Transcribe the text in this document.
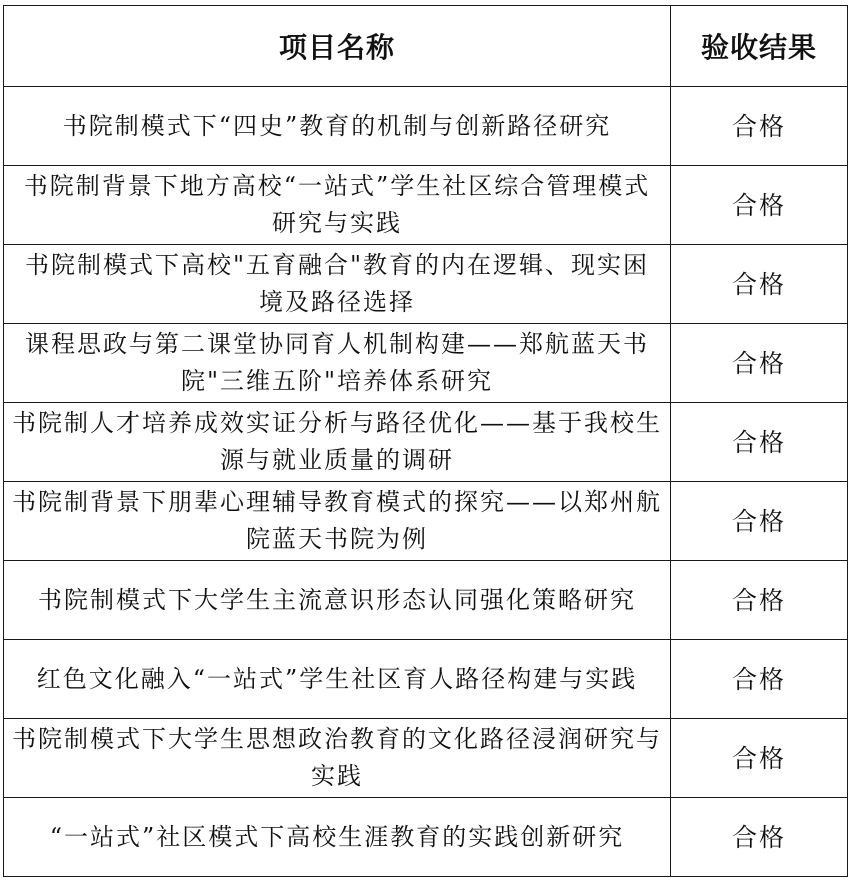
项目名称	验收结果
书院制模式下“四史”教育的机制与创新路径研究	合格
书院制背景下地方高校“一站式”学生社区综合管理模式研究与实践	合格
书院制模式下高校"五育融合"教育的内在逻辑、现实困境及路径选择	合格
课程思政与第二课堂协同育人机制构建——郑航蓝天书院"三维五阶"培养体系研究	合格
书院制人才培养成效实证分析与路径优化——基于我校生源与就业质量的调研	合格
书院制背景下朋辈心理辅导教育模式的探究——以郑州航院蓝天书院为例	合格
书院制模式下大学生主流意识形态认同强化策略研究	合格
红色文化融入“一站式”学生社区育人路径构建与实践	合格
书院制模式下大学生思想政治教育的文化路径浸润研究与实践	合格
“一站式”社区模式下高校生涯教育的实践创新研究	合格
